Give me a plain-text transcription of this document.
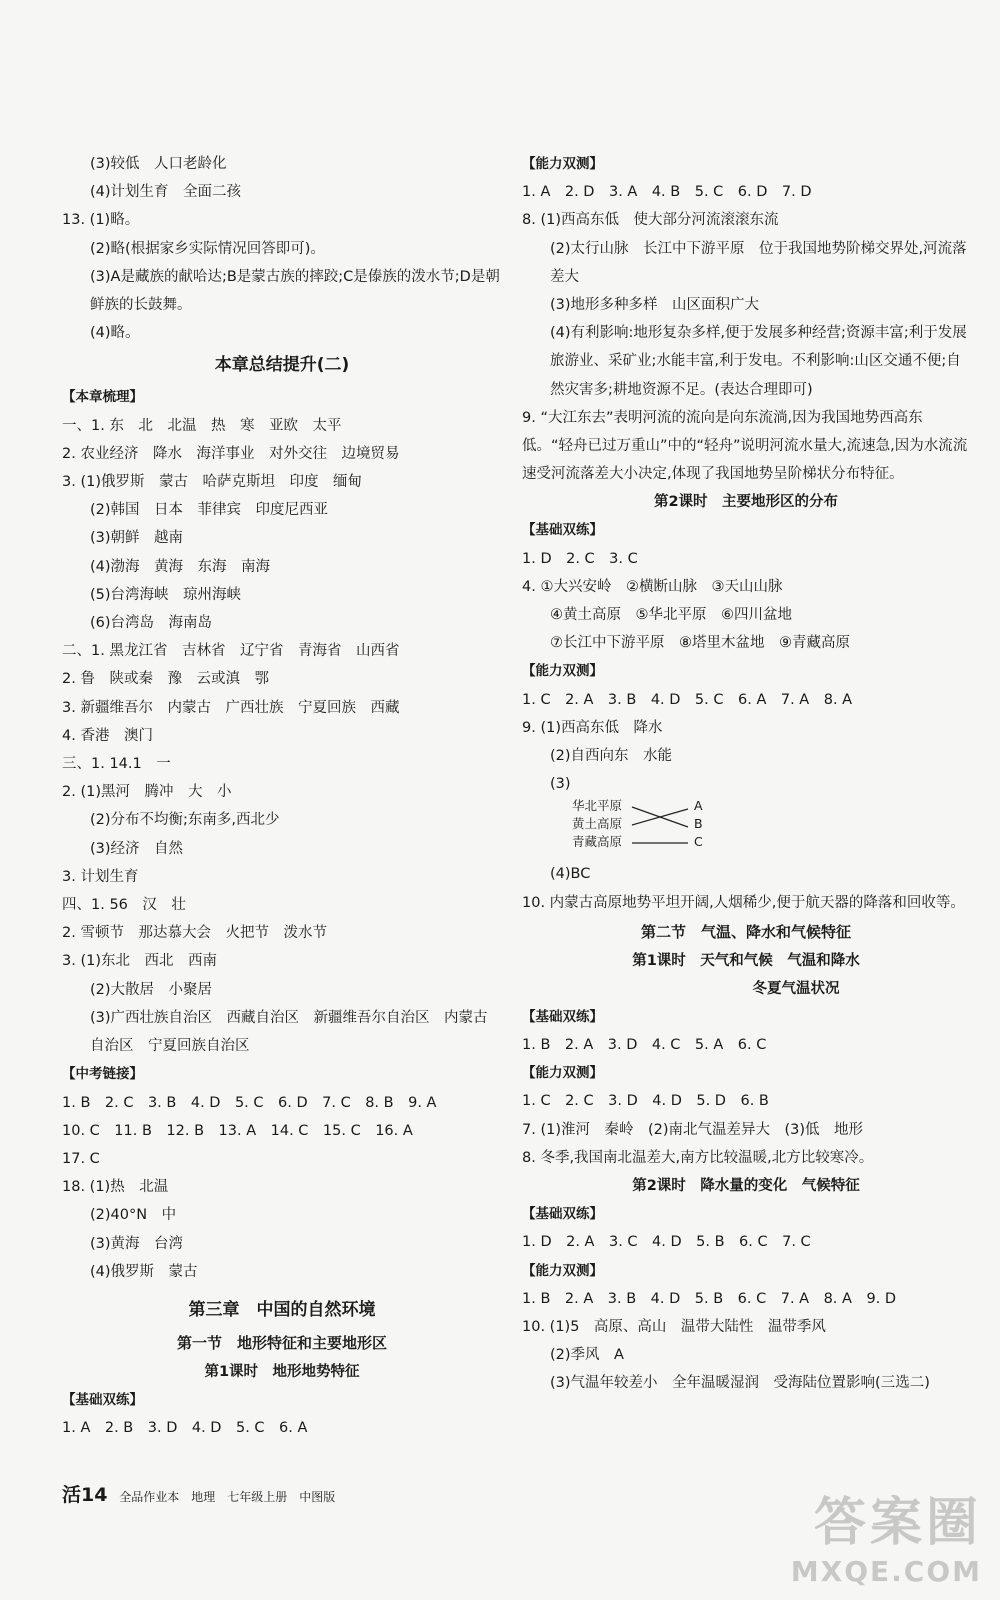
(3)较低　人口老龄化
(4)计划生育　全面二孩
13. (1)略。
(2)略(根据家乡实际情况回答即可)。
(3)A是藏族的献哈达;B是蒙古族的摔跤;C是傣族的泼水节;D是朝鲜族的长鼓舞。
(4)略。
本章总结提升(二)
【本章梳理】
一、1. 东　北　北温　热　寒　亚欧　太平
2. 农业经济　降水　海洋事业　对外交往　边境贸易
3. (1)俄罗斯　蒙古　哈萨克斯坦　印度　缅甸
(2)韩国　日本　菲律宾　印度尼西亚
(3)朝鲜　越南
(4)渤海　黄海　东海　南海
(5)台湾海峡　琼州海峡
(6)台湾岛　海南岛
二、1. 黑龙江省　吉林省　辽宁省　青海省　山西省
2. 鲁　陕或秦　豫　云或滇　鄂
3. 新疆维吾尔　内蒙古　广西壮族　宁夏回族　西藏
4. 香港　澳门
三、1. 14.1　一
2. (1)黑河　腾冲　大　小
(2)分布不均衡;东南多,西北少
(3)经济　自然
3. 计划生育
四、1. 56　汉　壮
2. 雪顿节　那达慕大会　火把节　泼水节
3. (1)东北　西北　西南
(2)大散居　小聚居
(3)广西壮族自治区　西藏自治区　新疆维吾尔自治区　内蒙古自治区　宁夏回族自治区
【中考链接】
1. B　2. C　3. B　4. D　5. C　6. D　7. C　8. B　9. A
10. C　11. B　12. B　13. A　14. C　15. C　16. A
17. C
18. (1)热　北温
(2)40°N　中
(3)黄海　台湾
(4)俄罗斯　蒙古
第三章　中国的自然环境
第一节　地形特征和主要地形区
第1课时　地形地势特征
【基础双练】
1. A　2. B　3. D　4. D　5. C　6. A
【能力双测】
1. A　2. D　3. A　4. B　5. C　6. D　7. D
8. (1)西高东低　使大部分河流滚滚东流
(2)太行山脉　长江中下游平原　位于我国地势阶梯交界处,河流落差大
(3)地形多种多样　山区面积广大
(4)有利影响:地形复杂多样,便于发展多种经营;资源丰富;利于发展旅游业、采矿业;水能丰富,利于发电。不利影响:山区交通不便;自然灾害多;耕地资源不足。(表达合理即可)
9. “大江东去”表明河流的流向是向东流淌,因为我国地势西高东低。“轻舟已过万重山”中的“轻舟”说明河流水量大,流速急,因为水流流速受河流落差大小决定,体现了我国地势呈阶梯状分布特征。
第2课时　主要地形区的分布
【基础双练】
1. D　2. C　3. C
4. ①大兴安岭　②横断山脉　③天山山脉
④黄土高原　⑤华北平原　⑥四川盆地
⑦长江中下游平原　⑧塔里木盆地　⑨青藏高原
【能力双测】
1. C　2. A　3. B　4. D　5. C　6. A　7. A　8. A
9. (1)西高东低　降水
(2)自西向东　水能
(3)
华北平原
黄土高原
青藏高原
A
B
C
(4)BC
10. 内蒙古高原地势平坦开阔,人烟稀少,便于航天器的降落和回收等。
第二节　气温、降水和气候特征
第1课时　天气和气候　气温和降水
冬夏气温状况
【基础双练】
1. B　2. A　3. D　4. C　5. A　6. C
【能力双测】
1. C　2. C　3. D　4. D　5. D　6. B
7. (1)淮河　秦岭　(2)南北气温差异大　(3)低　地形
8. 冬季,我国南北温差大,南方比较温暖,北方比较寒冷。
第2课时　降水量的变化　气候特征
【基础双练】
1. D　2. A　3. C　4. D　5. B　6. C　7. C
【能力双测】
1. B　2. A　3. B　4. D　5. B　6. C　7. A　8. A　9. D
10. (1)5　高原、高山　温带大陆性　温带季风
(2)季风　A
(3)气温年较差小　全年温暖湿润　受海陆位置影响(三选二)
活14 全品作业本　地理　七年级上册　中图版	答案圈
MXQE.COM
